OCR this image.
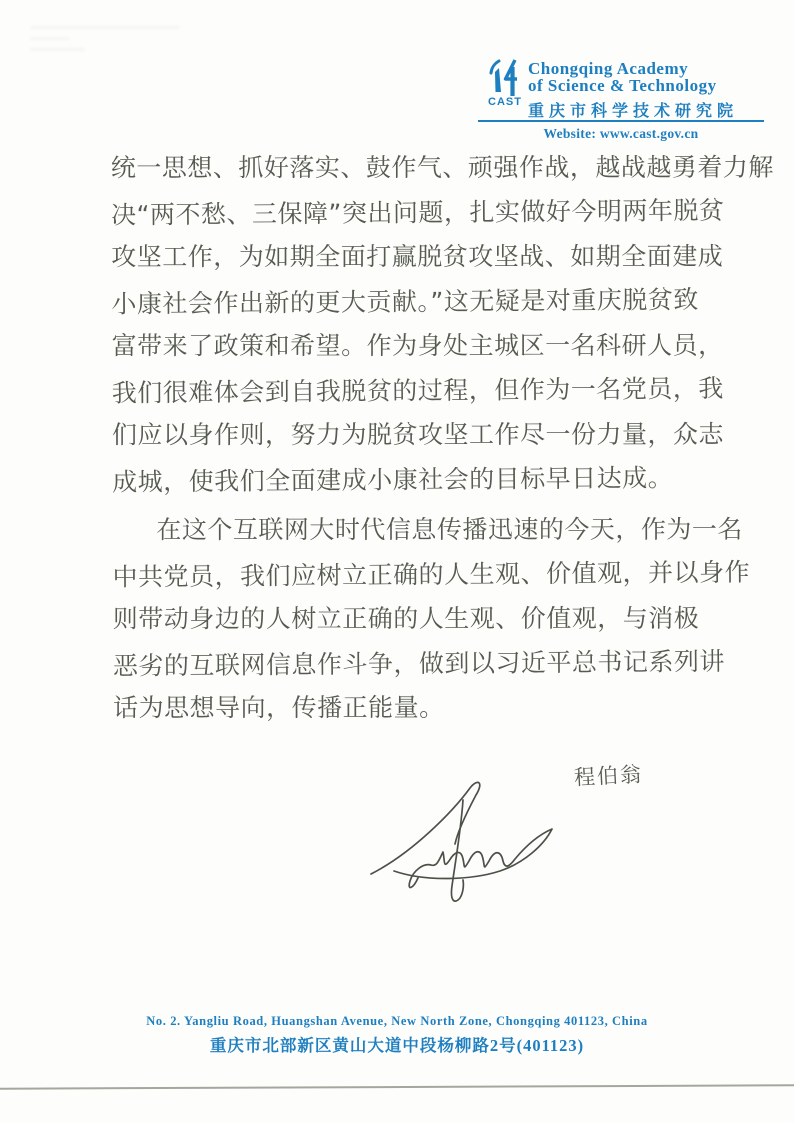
CAST
Chongqing Academy
of Science & Technology
重庆市科学技术研究院
Website: www.cast.gov.cn
统一思想、抓好落实、鼓作气、顽强作战，越战越勇着力解
决“两不愁、三保障”突出问题，扎实做好今明两年脱贫
攻坚工作，为如期全面打赢脱贫攻坚战、如期全面建成
小康社会作出新的更大贡献。”这无疑是对重庆脱贫致
富带来了政策和希望。作为身处主城区一名科研人员，
我们很难体会到自我脱贫的过程，但作为一名党员，我
们应以身作则，努力为脱贫攻坚工作尽一份力量，众志
成城，使我们全面建成小康社会的目标早日达成。
在这个互联网大时代信息传播迅速的今天，作为一名
中共党员，我们应树立正确的人生观、价值观，并以身作
则带动身边的人树立正确的人生观、价值观，与消极
恶劣的互联网信息作斗争，做到以习近平总书记系列讲
话为思想导向，传播正能量。
程伯翁
No. 2. Yangliu Road, Huangshan Avenue, New North Zone, Chongqing 401123, China
重庆市北部新区黄山大道中段杨柳路2号(401123)
